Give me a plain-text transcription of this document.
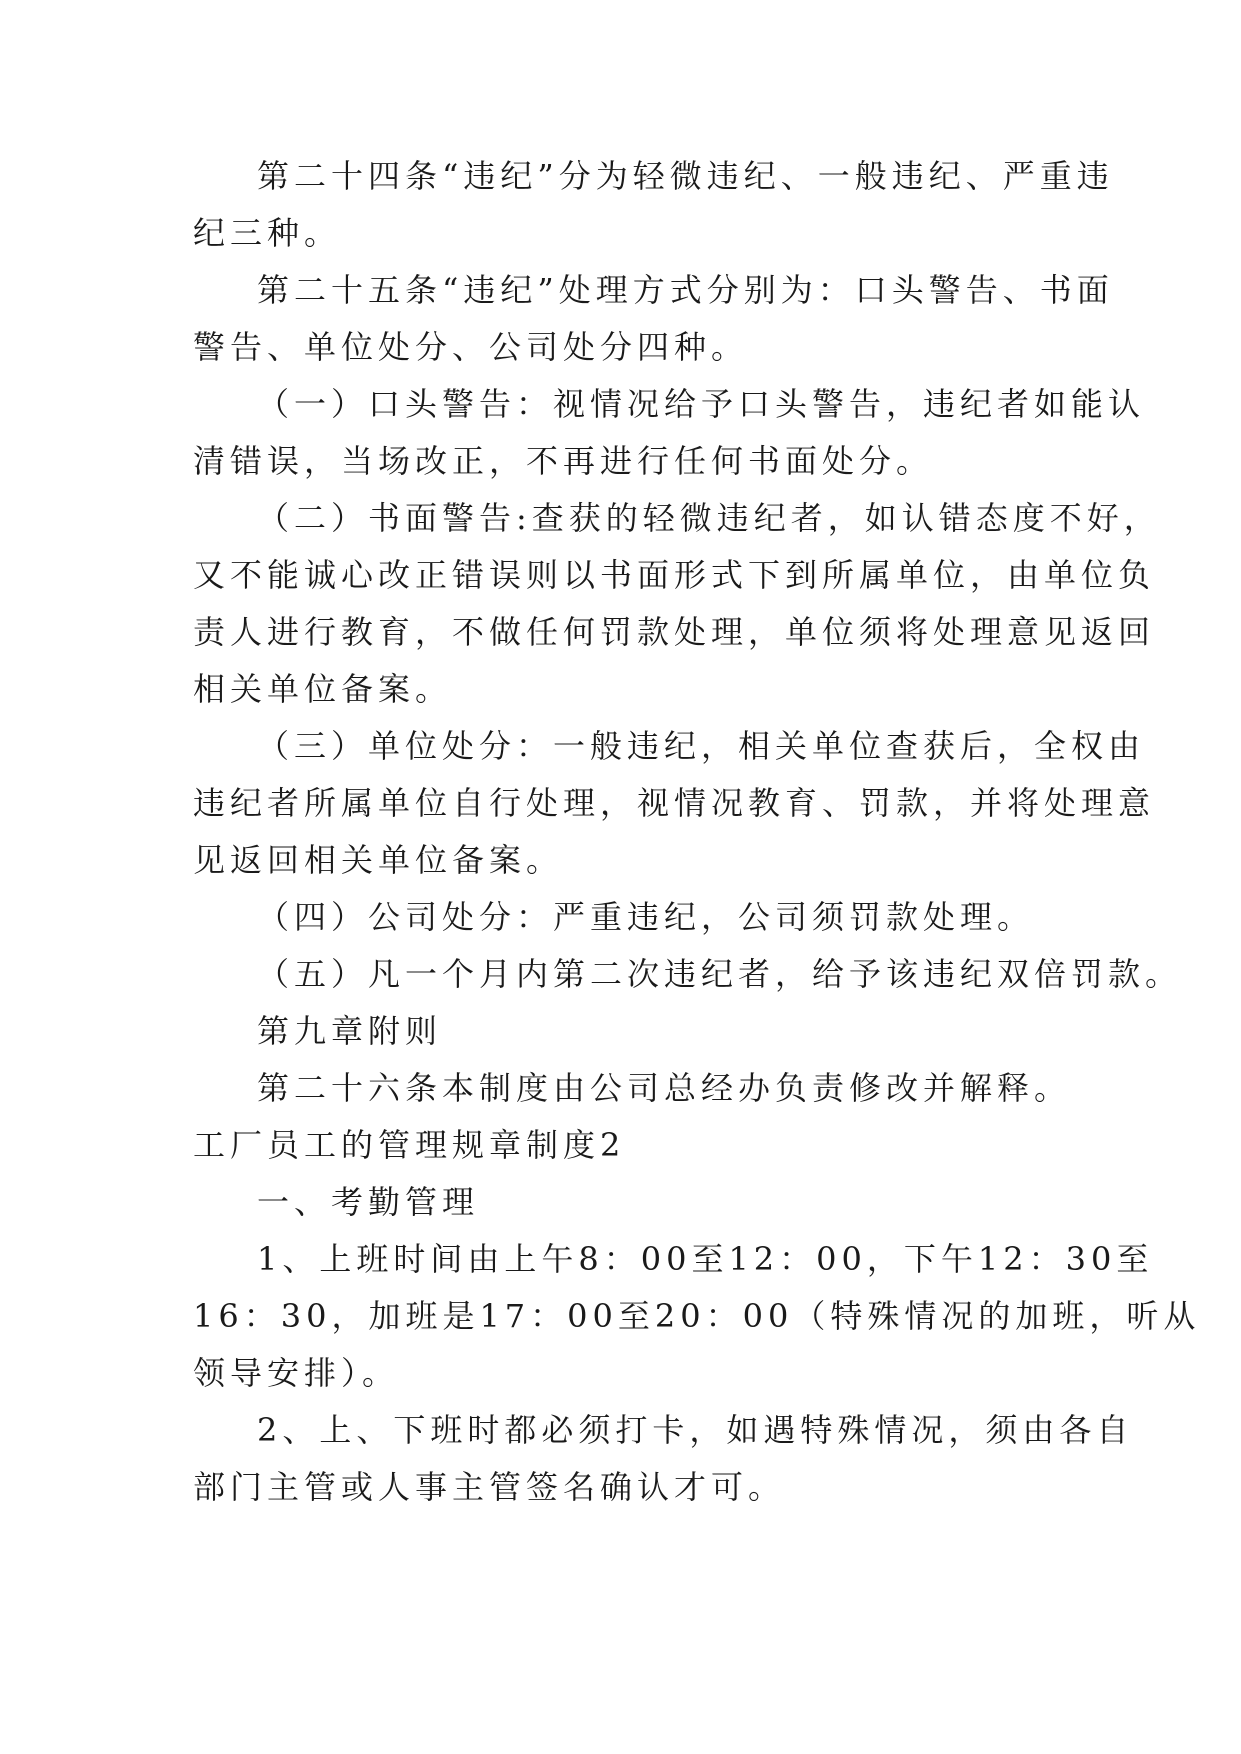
第二十四条“违纪”分为轻微违纪、一般违纪、严重违
纪三种。
第二十五条“违纪”处理方式分别为：口头警告、书面
警告、单位处分、公司处分四种。
（一）口头警告：视情况给予口头警告，违纪者如能认
清错误，当场改正，不再进行任何书面处分。
（二）书面警告:查获的轻微违纪者，如认错态度不好，
又不能诚心改正错误则以书面形式下到所属单位，由单位负
责人进行教育，不做任何罚款处理，单位须将处理意见返回
相关单位备案。
（三）单位处分：一般违纪，相关单位查获后，全权由
违纪者所属单位自行处理，视情况教育、罚款，并将处理意
见返回相关单位备案。
（四）公司处分：严重违纪，公司须罚款处理。
（五）凡一个月内第二次违纪者，给予该违纪双倍罚款。
第九章附则
第二十六条本制度由公司总经办负责修改并解释。
工厂员工的管理规章制度2
一、考勤管理
1、上班时间由上午8：00至12：00，下午12：30至
16：30，加班是17：00至20：00（特殊情况的加班，听从
领导安排）。
2、上、下班时都必须打卡，如遇特殊情况，须由各自
部门主管或人事主管签名确认才可。
